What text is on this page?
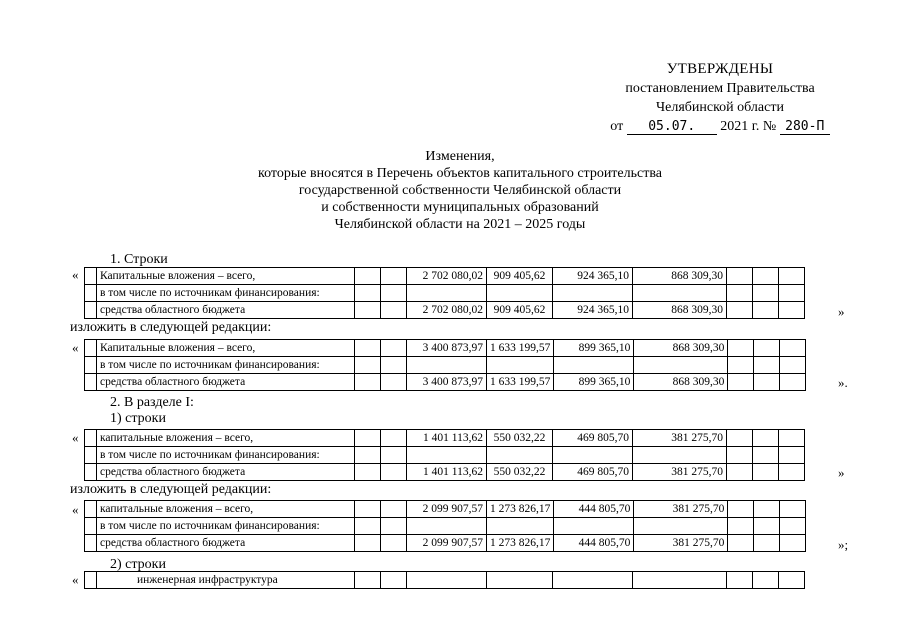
УТВЕРЖДЕНЫ
постановлением Правительства
Челябинской области
от 05.07. 2021 г. № 280-П
Изменения,
которые вносятся в Перечень объектов капитального строительства
государственной собственности Челябинской области
и собственности муниципальных образований
Челябинской области на 2021 – 2025 годы
1. Строки
изложить в следующей редакции:
2. В разделе I:
1) строки
изложить в следующей редакции:
2) строки
«
»
«
».
«
»
«
»;
«
	Капитальные вложения – всего,			2 702 080,02	909 405,62	924 365,10	868 309,30			
	в том числе по источникам финансирования:									
	средства областного бюджета			2 702 080,02	909 405,62	924 365,10	868 309,30			
	Капитальные вложения – всего,			3 400 873,97	1 633 199,57	899 365,10	868 309,30			
	в том числе по источникам финансирования:									
	средства областного бюджета			3 400 873,97	1 633 199,57	899 365,10	868 309,30			
	капитальные вложения – всего,			1 401 113,62	550 032,22	469 805,70	381 275,70			
	в том числе по источникам финансирования:									
	средства областного бюджета			1 401 113,62	550 032,22	469 805,70	381 275,70			
	капитальные вложения – всего,			2 099 907,57	1 273 826,17	444 805,70	381 275,70			
	в том числе по источникам финансирования:									
	средства областного бюджета			2 099 907,57	1 273 826,17	444 805,70	381 275,70			
	инженерная инфраструктура									
